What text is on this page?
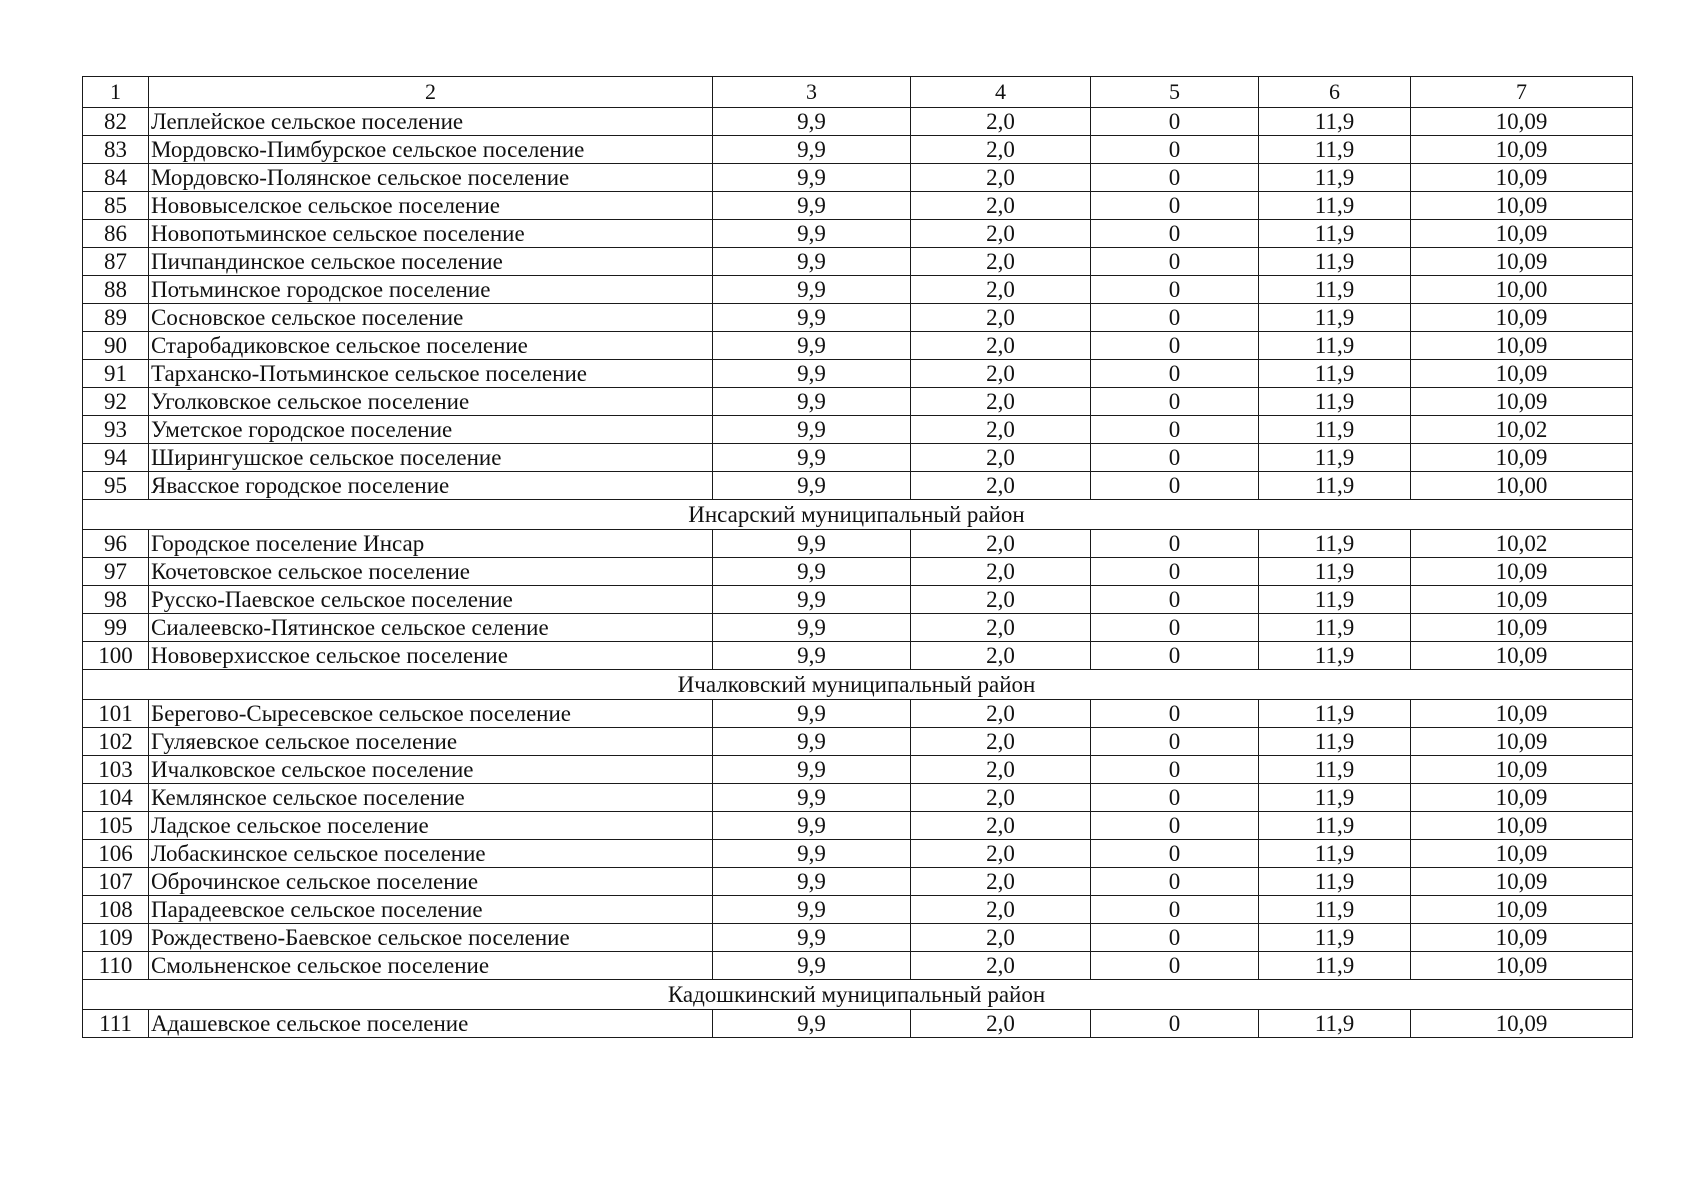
1	2	3	4	5	6	7
82	Леплейское сельское поселение	9,9	2,0	0	11,9	10,09
83	Мордовско-Пимбурское сельское поселение	9,9	2,0	0	11,9	10,09
84	Мордовско-Полянское сельское поселение	9,9	2,0	0	11,9	10,09
85	Нововыселское сельское поселение	9,9	2,0	0	11,9	10,09
86	Новопотьминское сельское поселение	9,9	2,0	0	11,9	10,09
87	Пичпандинское сельское поселение	9,9	2,0	0	11,9	10,09
88	Потьминское городское поселение	9,9	2,0	0	11,9	10,00
89	Сосновское сельское поселение	9,9	2,0	0	11,9	10,09
90	Старобадиковское сельское поселение	9,9	2,0	0	11,9	10,09
91	Тарханско-Потьминское сельское поселение	9,9	2,0	0	11,9	10,09
92	Уголковское сельское поселение	9,9	2,0	0	11,9	10,09
93	Уметское городское поселение	9,9	2,0	0	11,9	10,02
94	Ширингушское сельское поселение	9,9	2,0	0	11,9	10,09
95	Явасское городское поселение	9,9	2,0	0	11,9	10,00
Инсарский муниципальный район						
96	Городское поселение Инсар	9,9	2,0	0	11,9	10,02
97	Кочетовское сельское поселение	9,9	2,0	0	11,9	10,09
98	Русско-Паевское сельское поселение	9,9	2,0	0	11,9	10,09
99	Сиалеевско-Пятинское сельское селение	9,9	2,0	0	11,9	10,09
100	Нововерхисское сельское поселение	9,9	2,0	0	11,9	10,09
Ичалковский муниципальный район						
101	Берегово-Сыресевское сельское поселение	9,9	2,0	0	11,9	10,09
102	Гуляевское сельское поселение	9,9	2,0	0	11,9	10,09
103	Ичалковское сельское поселение	9,9	2,0	0	11,9	10,09
104	Кемлянское сельское поселение	9,9	2,0	0	11,9	10,09
105	Ладское сельское поселение	9,9	2,0	0	11,9	10,09
106	Лобаскинское сельское поселение	9,9	2,0	0	11,9	10,09
107	Оброчинское сельское поселение	9,9	2,0	0	11,9	10,09
108	Парадеевское сельское поселение	9,9	2,0	0	11,9	10,09
109	Рождествено-Баевское сельское поселение	9,9	2,0	0	11,9	10,09
110	Смольненское сельское поселение	9,9	2,0	0	11,9	10,09
Кадошкинский муниципальный район						
111	Адашевское сельское поселение	9,9	2,0	0	11,9	10,09
